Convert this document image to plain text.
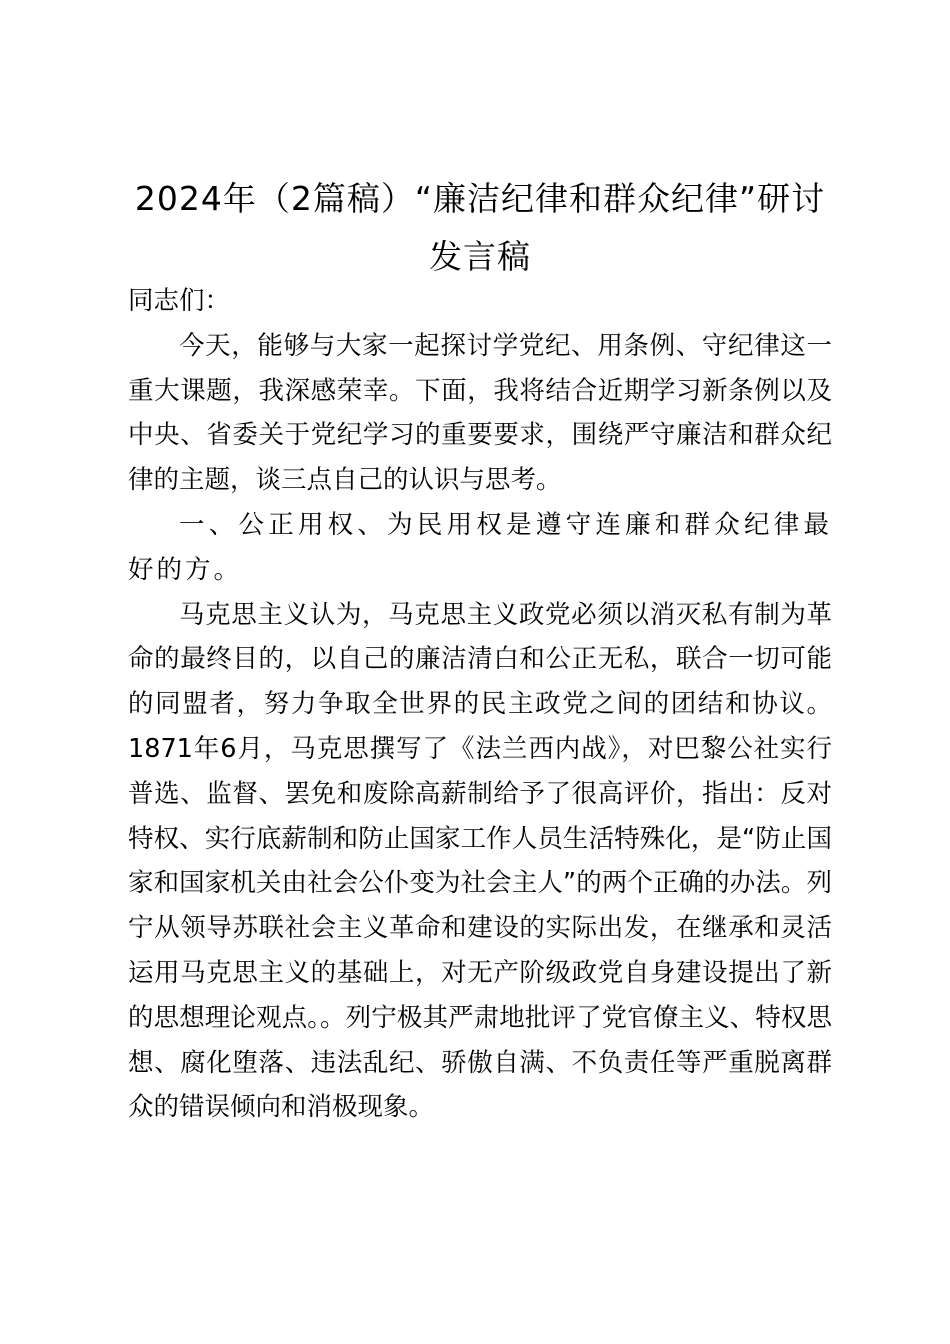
2024年（2篇稿）“廉洁纪律和群众纪律”研讨发言稿

同志们：

今天，能够与大家一起探讨学党纪、用条例、守纪律这一重大课题，我深感荣幸。下面，我将结合近期学习新条例以及中央、省委关于党纪学习的重要要求，围绕严守廉洁和群众纪律的主题，谈三点自己的认识与思考。

一、公正用权、为民用权是遵守连廉和群众纪律最好的方。

马克思主义认为，马克思主义政党必须以消灭私有制为革命的最终目的，以自己的廉洁清白和公正无私，联合一切可能的同盟者，努力争取全世界的民主政党之间的团结和协议。1871年6月，马克思撰写了《法兰西内战》，对巴黎公社实行普选、监督、罢免和废除高薪制给予了很高评价，指出：反对特权、实行底薪制和防止国家工作人员生活特殊化，是“防止国家和国家机关由社会公仆变为社会主人”的两个正确的办法。列宁从领导苏联社会主义革命和建设的实际出发，在继承和灵活运用马克思主义的基础上，对无产阶级政党自身建设提出了新的思想理论观点。。列宁极其严肃地批评了党官僚主义、特权思想、腐化堕落、违法乱纪、骄傲自满、不负责任等严重脱离群众的错误倾向和消极现象。
